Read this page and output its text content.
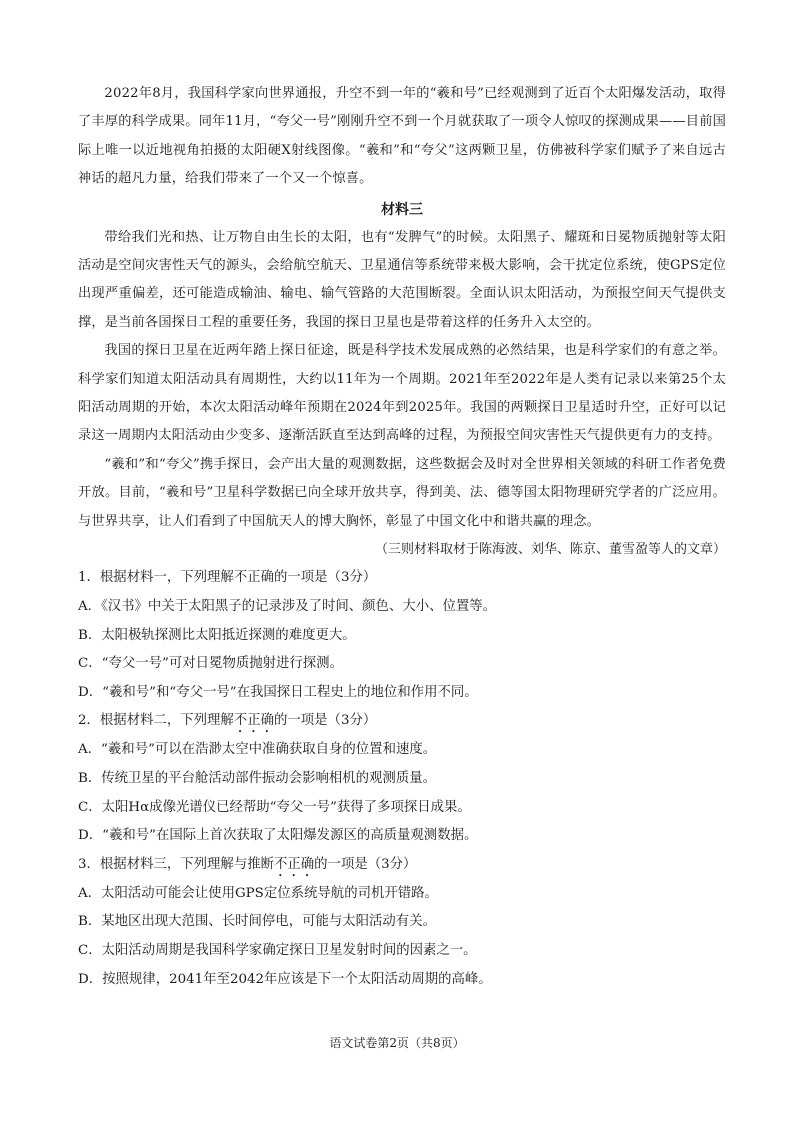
2022年8月，我国科学家向世界通报，升空不到一年的“羲和号”已经观测到了近百个太阳爆发活动，取得了丰厚的科学成果。同年11月，“夸父一号”刚刚升空不到一个月就获取了一项令人惊叹的探测成果——目前国际上唯一以近地视角拍摄的太阳硬X射线图像。“羲和”和“夸父”这两颗卫星，仿佛被科学家们赋予了来自远古神话的超凡力量，给我们带来了一个又一个惊喜。

材料三

带给我们光和热、让万物自由生长的太阳，也有“发脾气”的时候。太阳黑子、耀斑和日冕物质抛射等太阳活动是空间灾害性天气的源头，会给航空航天、卫星通信等系统带来极大影响，会干扰定位系统，使GPS定位出现严重偏差，还可能造成输油、输电、输气管路的大范围断裂。全面认识太阳活动，为预报空间天气提供支撑，是当前各国探日工程的重要任务，我国的探日卫星也是带着这样的任务升入太空的。

我国的探日卫星在近两年踏上探日征途，既是科学技术发展成熟的必然结果，也是科学家们的有意之举。科学家们知道太阳活动具有周期性，大约以11年为一个周期。2021年至2022年是人类有记录以来第25个太阳活动周期的开始，本次太阳活动峰年预期在2024年到2025年。我国的两颗探日卫星适时升空，正好可以记录这一周期内太阳活动由少变多、逐渐活跃直至达到高峰的过程，为预报空间灾害性天气提供更有力的支持。

“羲和”和“夸父”携手探日，会产出大量的观测数据，这些数据会及时对全世界相关领域的科研工作者免费开放。目前，“羲和号”卫星科学数据已向全球开放共享，得到美、法、德等国太阳物理研究学者的广泛应用。与世界共享，让人们看到了中国航天人的博大胸怀，彰显了中国文化中和谐共赢的理念。

（三则材料取材于陈海波、刘华、陈京、董雪盈等人的文章）

1．根据材料一，下列理解不正确的一项是（3分）

A．《汉书》中关于太阳黑子的记录涉及了时间、颜色、大小、位置等。

B．太阳极轨探测比太阳抵近探测的难度更大。

C．“夸父一号”可对日冕物质抛射进行探测。

D．“羲和号”和“夸父一号”在我国探日工程史上的地位和作用不同。

2．根据材料二，下列理解不正确的一项是（3分）

A．“羲和号”可以在浩渺太空中准确获取自身的位置和速度。

B．传统卫星的平台舱活动部件振动会影响相机的观测质量。

C．太阳Hα成像光谱仪已经帮助“夸父一号”获得了多项探日成果。

D．“羲和号”在国际上首次获取了太阳爆发源区的高质量观测数据。

3．根据材料三，下列理解与推断不正确的一项是（3分）

A．太阳活动可能会让使用GPS定位系统导航的司机开错路。

B．某地区出现大范围、长时间停电，可能与太阳活动有关。

C．太阳活动周期是我国科学家确定探日卫星发射时间的因素之一。

D．按照规律，2041年至2042年应该是下一个太阳活动周期的高峰。

语文试卷第2页（共8页）
